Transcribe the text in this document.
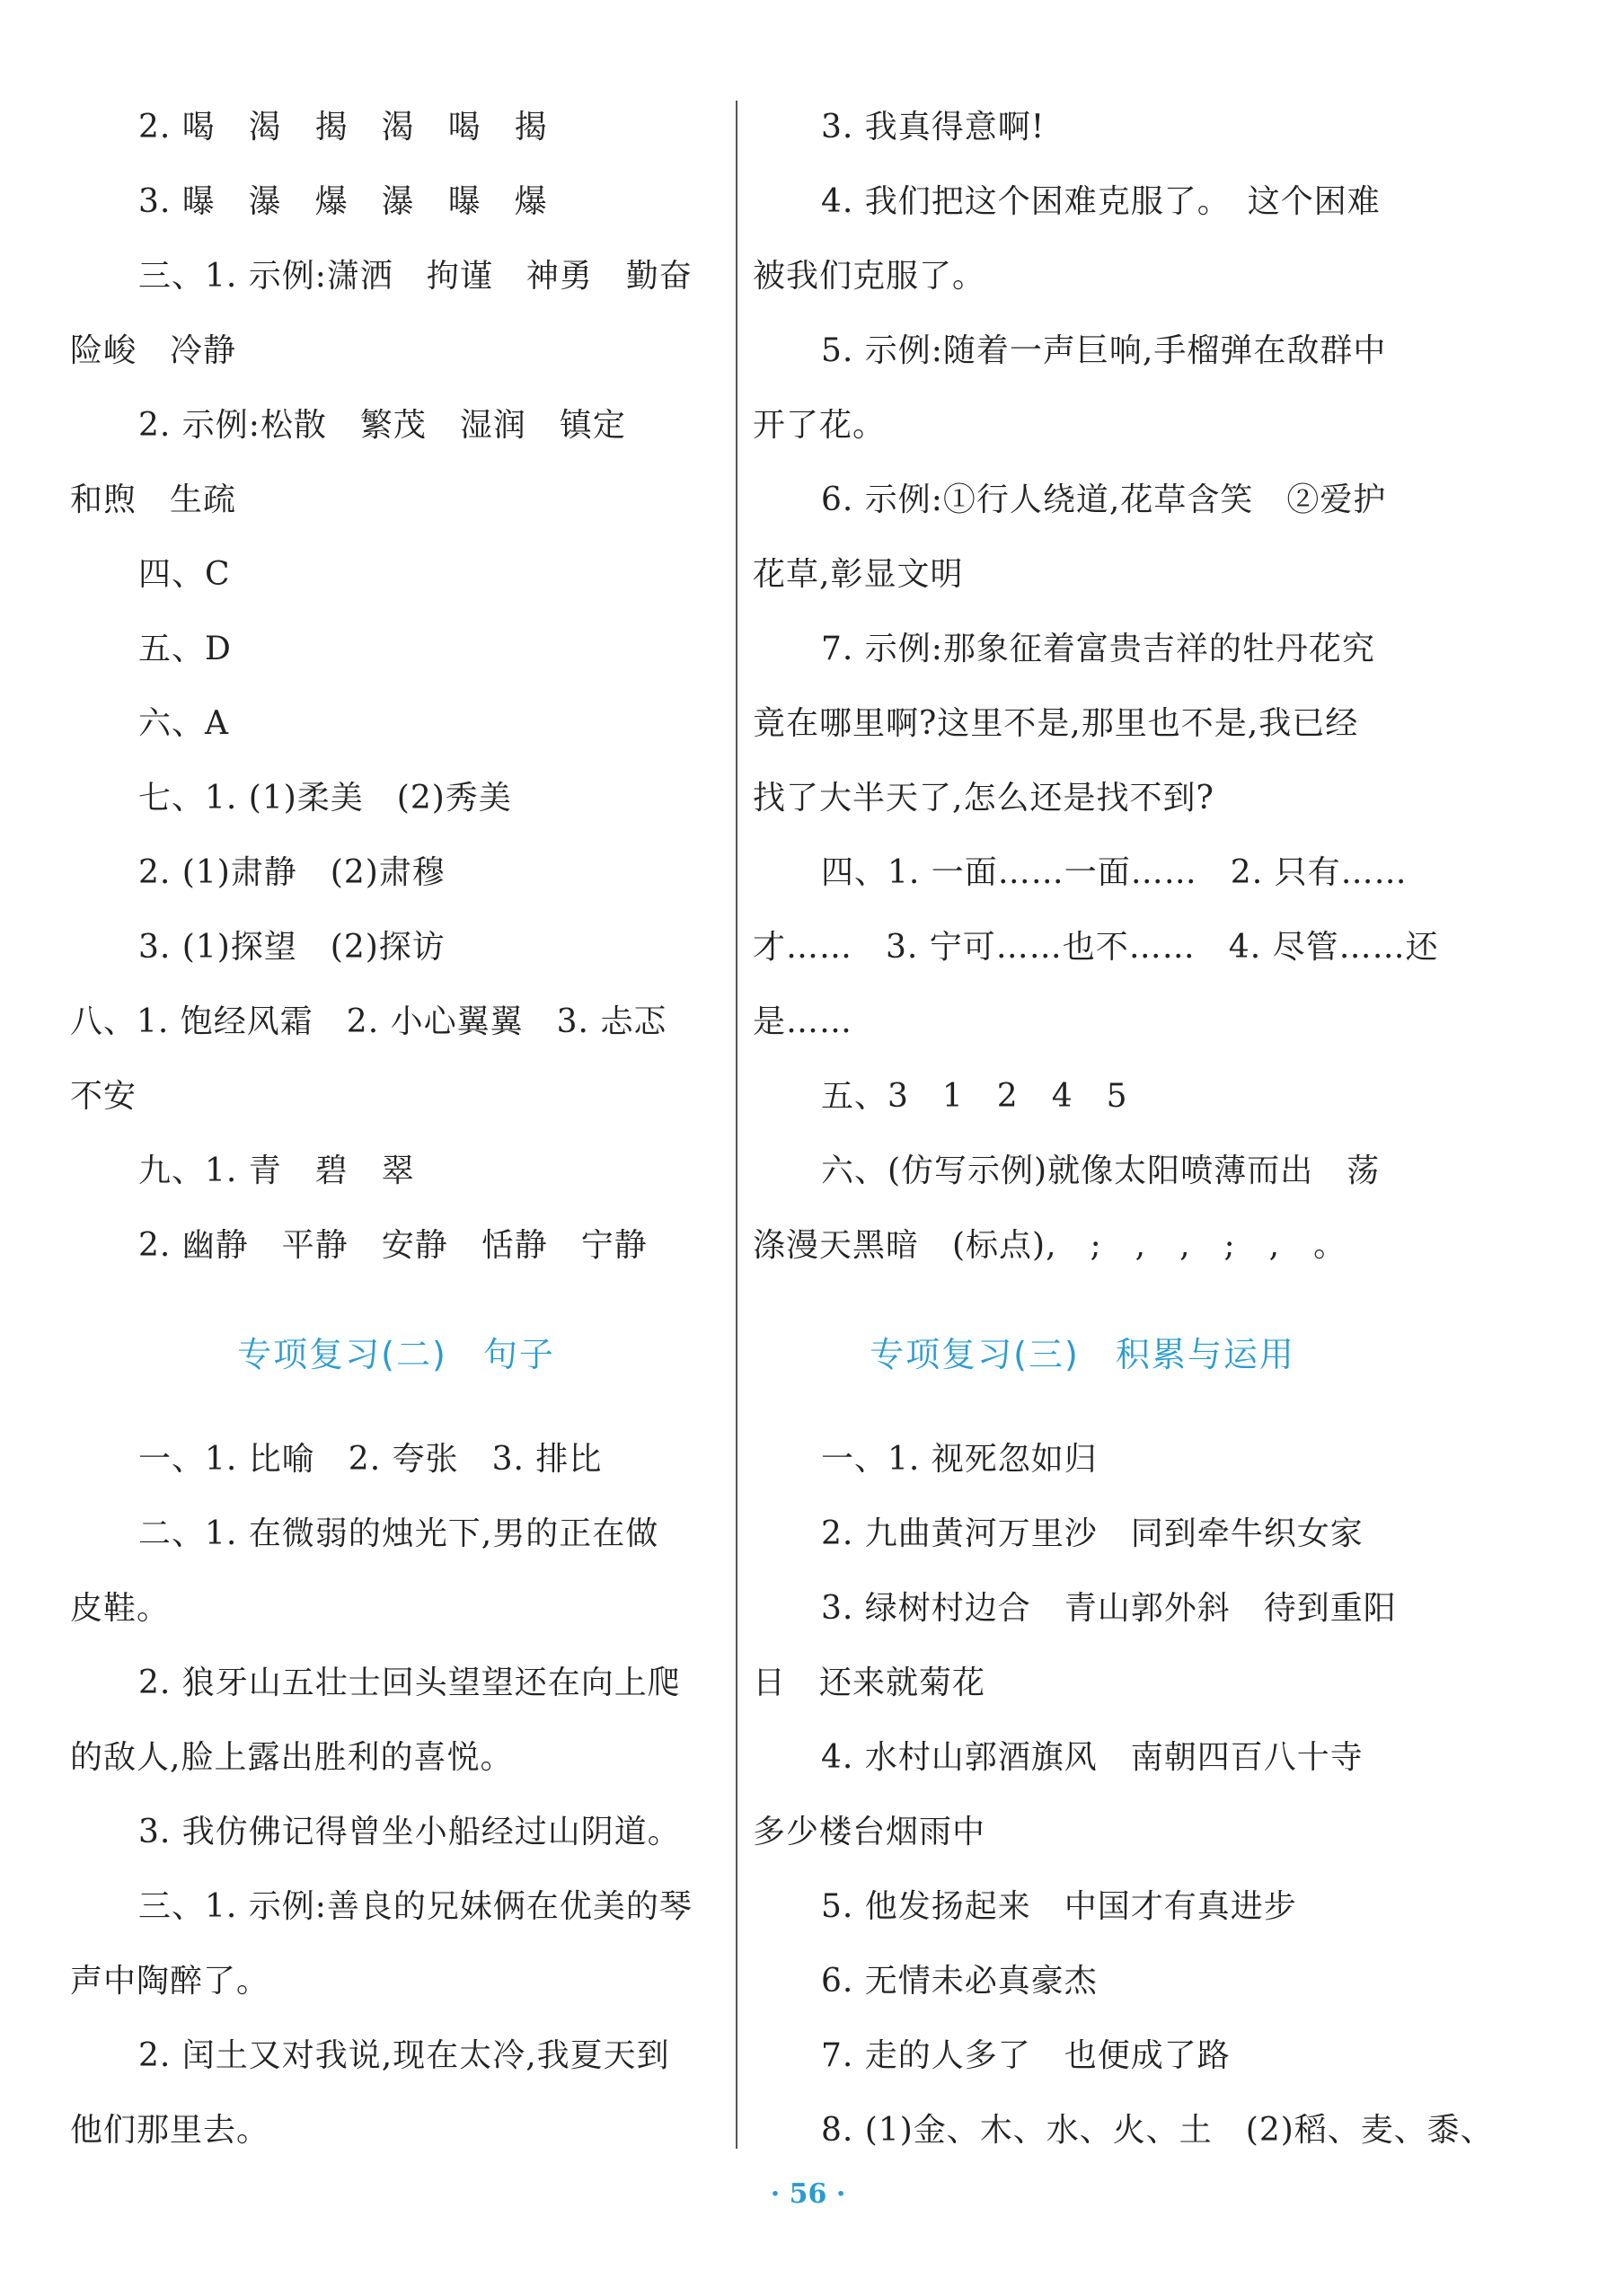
2. 喝　渴　揭　渴　喝　揭
3. 曝　瀑　爆　瀑　曝　爆
三、1. 示例:潇洒　拘谨　神勇　勤奋
险峻　冷静
2. 示例:松散　繁茂　湿润　镇定
和煦　生疏
四、C
五、D
六、A
七、1. (1)柔美　(2)秀美
2. (1)肃静　(2)肃穆
3. (1)探望　(2)探访
八、1. 饱经风霜　2. 小心翼翼　3. 忐忑
不安
九、1. 青　碧　翠
2. 幽静　平静　安静　恬静　宁静
专项复习(二)　句子
一、1. 比喻　2. 夸张　3. 排比
二、1. 在微弱的烛光下,男的正在做
皮鞋。
2. 狼牙山五壮士回头望望还在向上爬
的敌人,脸上露出胜利的喜悦。
3. 我仿佛记得曾坐小船经过山阴道。
三、1. 示例:善良的兄妹俩在优美的琴
声中陶醉了。
2. 闰土又对我说,现在太冷,我夏天到
他们那里去。
3. 我真得意啊!
4. 我们把这个困难克服了。　这个困难
被我们克服了。
5. 示例:随着一声巨响,手榴弹在敌群中
开了花。
6. 示例:①行人绕道,花草含笑　②爱护
花草,彰显文明
7. 示例:那象征着富贵吉祥的牡丹花究
竟在哪里啊?这里不是,那里也不是,我已经
找了大半天了,怎么还是找不到?
四、1. 一面……一面……　2. 只有……
才……　3. 宁可……也不……　4. 尽管……还
是……
五、3　1　2　4　5
六、(仿写示例)就像太阳喷薄而出　荡
涤漫天黑暗　(标点),　;　,　,　;　,　。
专项复习(三)　积累与运用
一、1. 视死忽如归
2. 九曲黄河万里沙　同到牵牛织女家
3. 绿树村边合　青山郭外斜　待到重阳
日　还来就菊花
4. 水村山郭酒旗风　南朝四百八十寺
多少楼台烟雨中
5. 他发扬起来　中国才有真进步
6. 无情未必真豪杰
7. 走的人多了　也便成了路
8. (1)金、木、水、火、土　(2)稻、麦、黍、
· 56 ·
